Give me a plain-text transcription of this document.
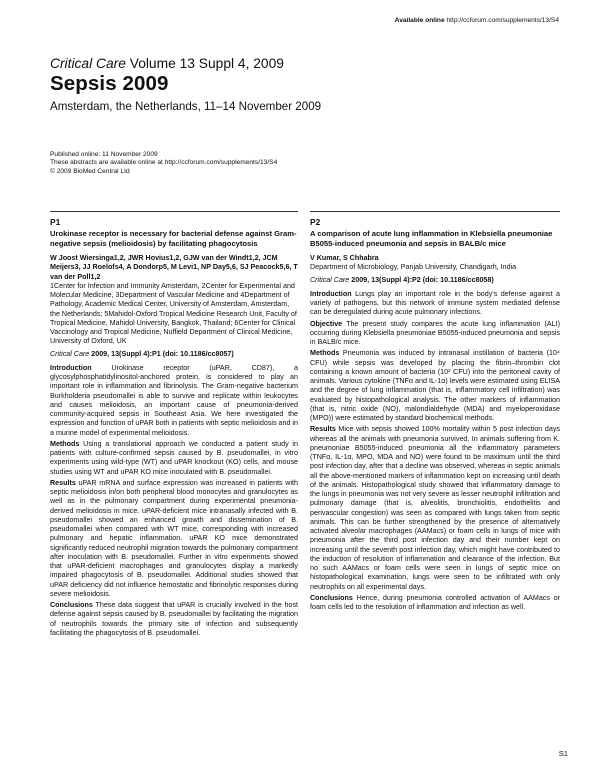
Available online http://ccforum.com/supplements/13/S4
Critical Care Volume 13 Suppl 4, 2009
Sepsis 2009
Amsterdam, the Netherlands, 11–14 November 2009
Published online: 11 November 2009
These abstracts are available online at http://ccforum.com/supplements/13/S4
© 2009 BioMed Central Ltd
P1
Urokinase receptor is necessary for bacterial defense against Gram-negative sepsis (melioidosis) by facilitating phagocytosis

W Joost Wiersinga1,2, JWR Hovius1,2, GJW van der Windt1,2, JCM Meijers3, JJ Roelofs4, A Dondorp5, M Levi1, NP Day5,6, SJ Peacock5,6, T van der Poll1,2

1Center for Infection and Immunity Amsterdam, 2Center for Experimental and Molecular Medicine, 3Department of Vascular Medicine and 4Department of Pathology, Academic Medical Center, University of Amsterdam, Amsterdam, the Netherlands; 5Mahidol-Oxford Tropical Medicine Research Unit, Faculty of Tropical Medicine, Mahidol University, Bangkok, Thailand; 6Center for Clinical Vaccinology and Tropical Medicine, Nuffield Department of Clinical Medicine, University of Oxford, UK

Critical Care 2009, 13(Suppl 4):P1 (doi: 10.1186/cc8057)

Introduction Urokinase receptor (uPAR, CD87), a glycosylphosphatidylinositol-anchored protein, is considered to play an important role in inflammation and fibrinolysis. The Gram-negative bacterium Burkholderia pseudomallei is able to survive and replicate within leukocytes and causes melioidosis, an important cause of pneumonia-derived community-acquired sepsis in Southeast Asia. We here investigated the expression and function of uPAR both in patients with septic melioidosis and in a murine model of experimental melioidosis.

Methods Using a translational approach we conducted a patient study in patients with culture-confirmed sepsis caused by B. pseudomallei, in vitro experiments using wild-type (WT) and uPAR knockout (KO) cells, and mouse studies using WT and uPAR KO mice inoculated with B. pseudomallei.

Results uPAR mRNA and surface expression was increased in patients with septic melioidosis in/on both peripheral blood monocytes and granulocytes as well as in the pulmonary compartment during experimental pneumonia-derived melioidosis in mice. uPAR-deficient mice intranasally infected with B. pseudomallei showed an enhanced growth and dissemination of B. pseudomallei when compared with WT mice, corresponding with increased pulmonary and hepatic inflammation. uPAR KO mice demonstrated significantly reduced neutrophil migration towards the pulmonary compartment after inoculation with B. pseudomallei. Further in vitro experiments showed that uPAR-deficient macrophages and granulocytes display a markedly impaired phagocytosis of B. pseudomallei. Additional studies showed that uPAR deficiency did not influence hemostatic and fibrinolytic responses during severe melioidosis.

Conclusions These data suggest that uPAR is crucially involved in the host defense against sepsis caused by B. pseudomallei by facilitating the migration of neutrophils towards the primary site of infection and subsequently facilitating the phagocytosis of B. pseudomallei.

P2
A comparison of acute lung inflammation in Klebsiella pneumoniae B5055-induced pneumonia and sepsis in BALB/c mice

V Kumar, S Chhabra

Department of Microbiology, Panjab University, Chandigarh, India

Critical Care 2009, 13(Suppl 4):P2 (doi: 10.1186/cc8058)

Introduction Lungs play an important role in the body's defense against a variety of pathogens, but this network of immune system mediated defense can be deregulated during acute pulmonary infections.

Objective The present study compares the acute lung inflammation (ALI) occurring during Klebsiella pneumoniae B5055-induced pneumonia and sepsis in BALB/c mice.

Methods Pneumonia was induced by intranasal instillation of bacteria (10⁴ CFU) while sepsis was developed by placing the fibrin–thrombin clot containing a known amount of bacteria (10² CFU) into the peritoneal cavity of animals. Various cytokine (TNFα and IL-1α) levels were estimated using ELISA and the degree of lung inflammation (that is, inflammatory cell infiltration) was evaluated by histopathological analysis. The other markers of inflammation (that is, nitric oxide (NO), malondialdehyde (MDA) and myeloperoxidase (MPO)) were estimated by standard biochemical methods.

Results Mice with sepsis showed 100% mortality within 5 post infection days whereas all the animals with pneumonia survived. In animals suffering from K. pneumoniae B5055-induced pneumonia all the inflammatory parameters (TNFα, IL-1α, MPO, MDA and NO) were found to be maximum until the third post infection day, after that a decline was observed, whereas in septic animals all the above-mentioned markers of inflammation kept on increasing until death of the animals. Histopathological study showed that inflammatory damage to the lungs in pneumonia was not very severe as lesser neutrophil infiltration and pulmonary damage (that is, alveolitis, bronchiolitis, endothelitis and perivascular congestion) was seen as compared with lungs taken from septic animals. This can be further strengthened by the presence of alternatively activated alveolar macrophages (AAMacs) or foam cells in lungs of mice with pneumonia after the third post infection day and their number kept on increasing until the seventh post infection day, which might have contributed to the induction of resolution of inflammation and clearance of the infection. But no such AAMacs or foam cells were seen in lungs of septic mice on histopathological examination, lungs were seen to be infiltrated with only neutrophils on all experimental days.

Conclusions Hence, during pneumonia controlled activation of AAMacs or foam cells led to the resolution of inflammation and infection as well.

S1
